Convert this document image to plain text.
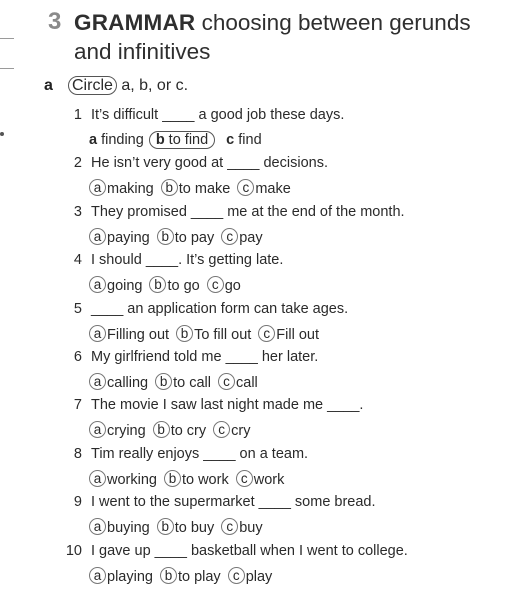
3 GRAMMAR choosing between gerunds and infinitives
a Circle a, b, or c.
1 It’s difficult ____ a good job these days.
a finding b to find c find
2 He isn’t very good at ____ decisions.
a making b to make c make
3 They promised ____ me at the end of the month.
a paying b to pay c pay
4 I should ____. It’s getting late.
a going b to go c go
5 ____ an application form can take ages.
a Filling out b To fill out c Fill out
6 My girlfriend told me ____ her later.
a calling b to call c call
7 The movie I saw last night made me ____.
a crying b to cry c cry
8 Tim really enjoys ____ on a team.
a working b to work c work
9 I went to the supermarket ____ some bread.
a buying b to buy c buy
10 I gave up ____ basketball when I went to college.
a playing b to play c play
